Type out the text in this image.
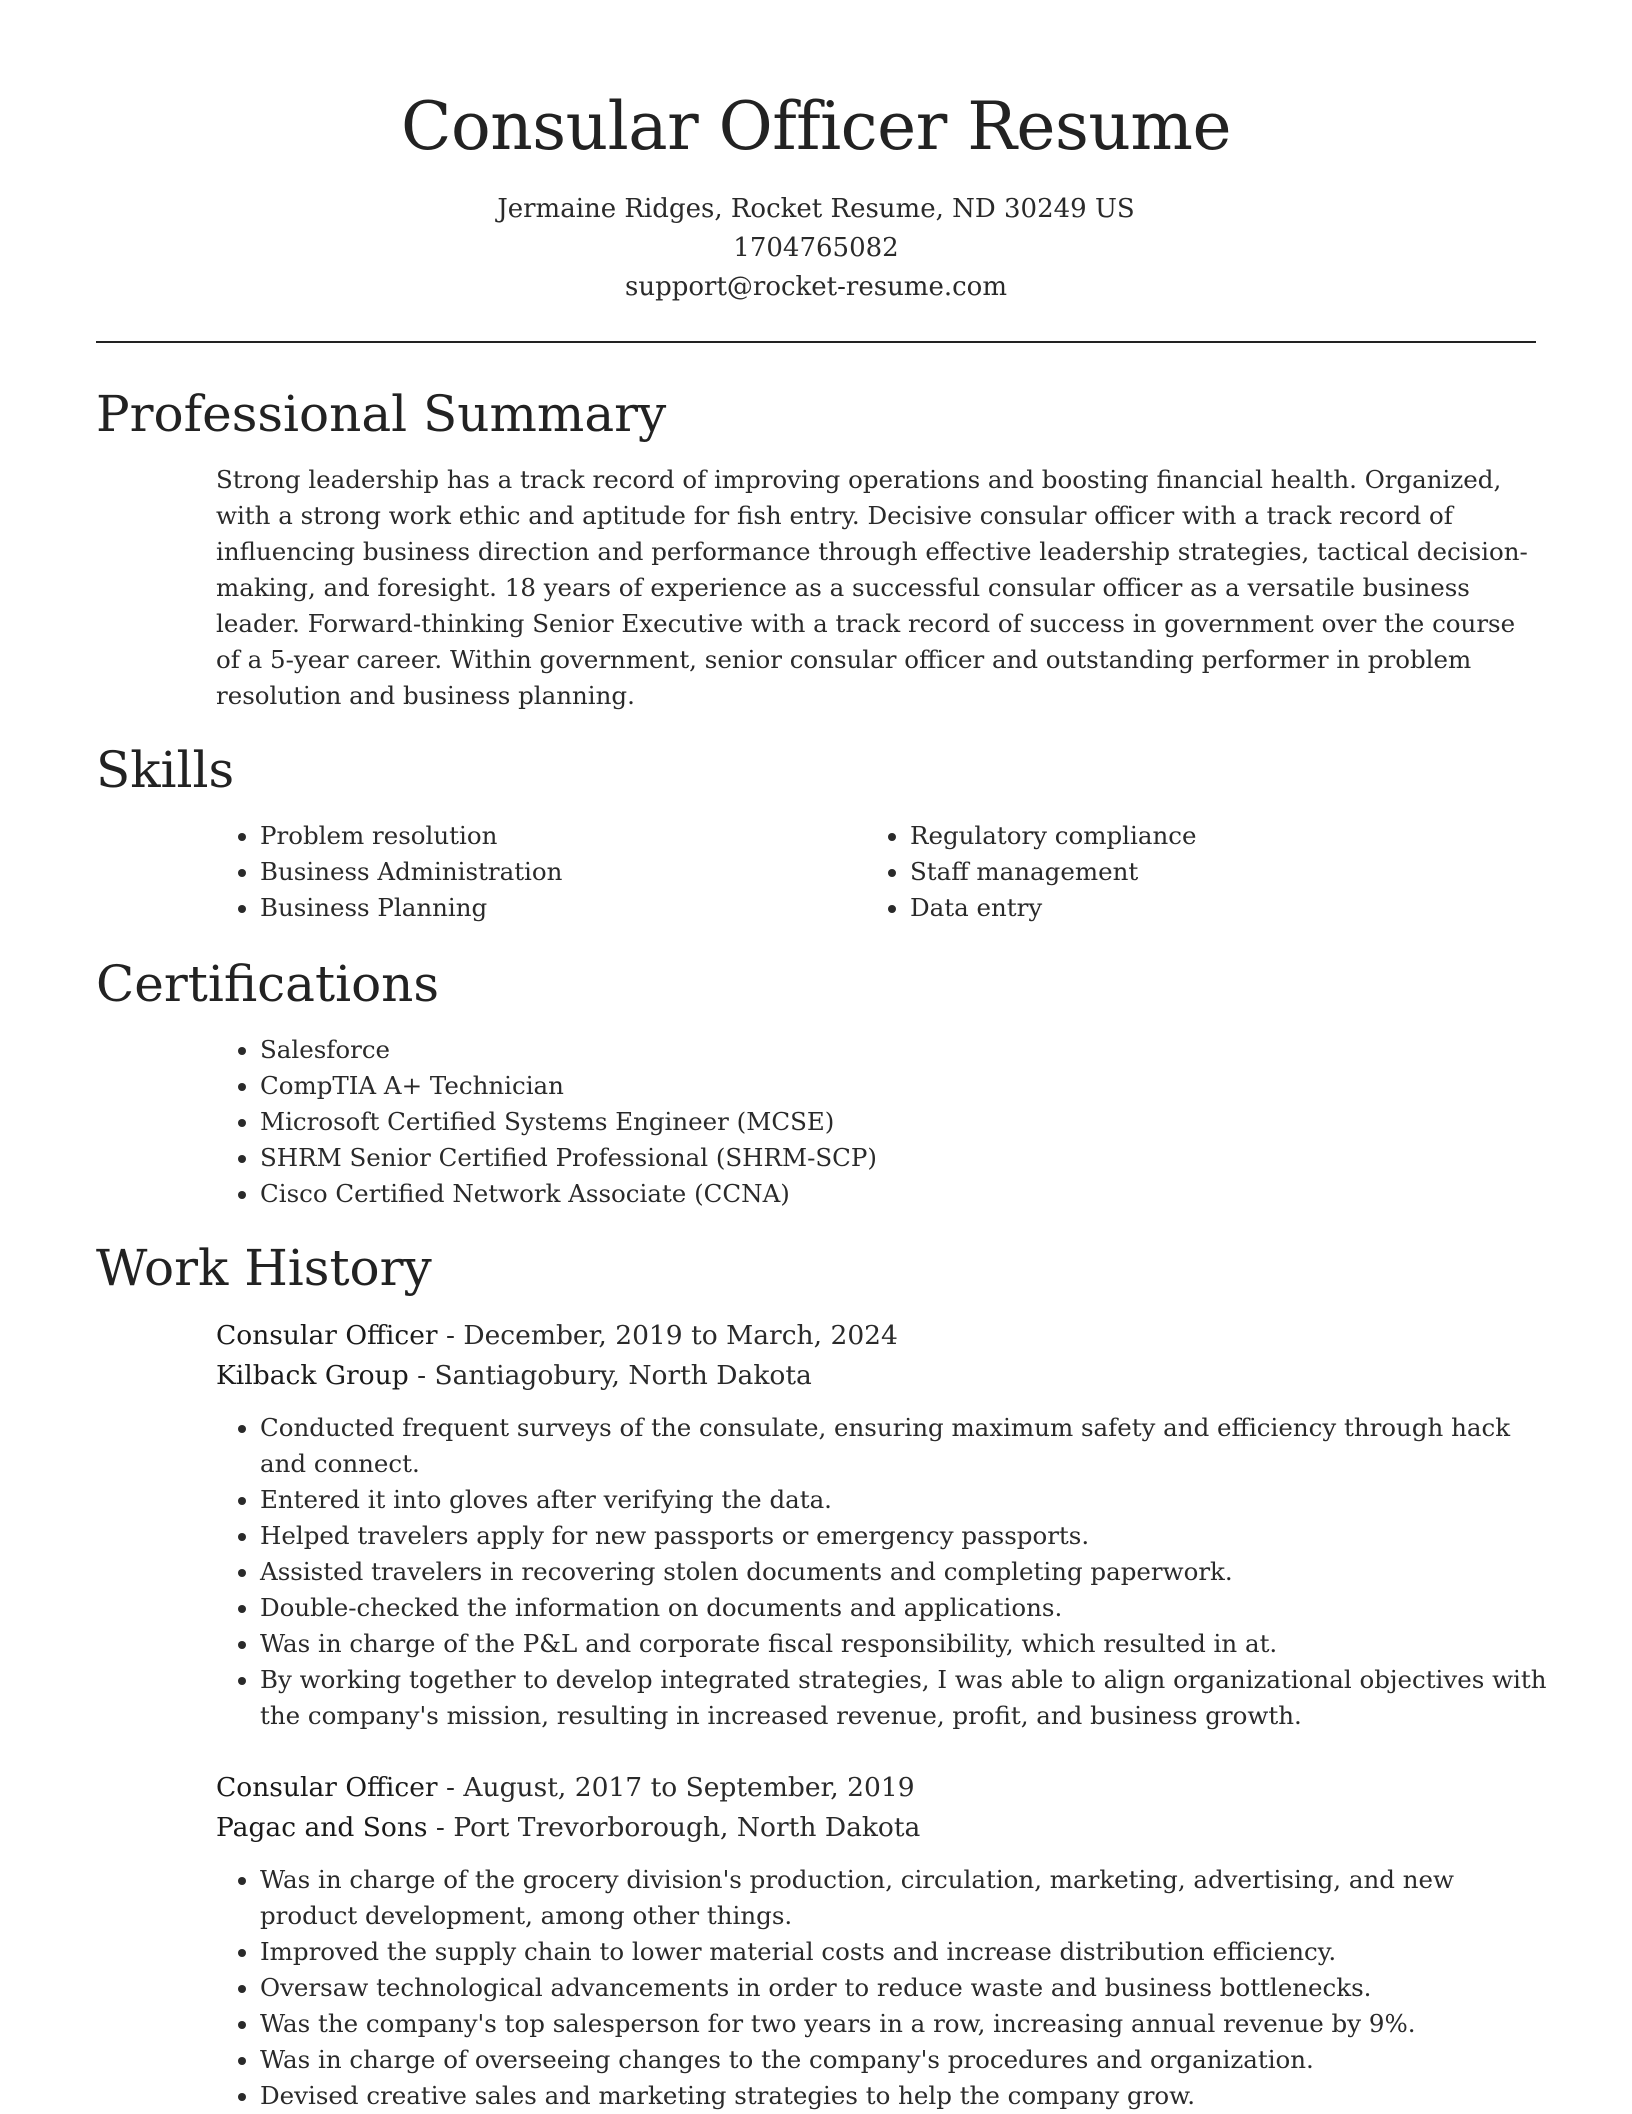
Consular Officer Resume
Jermaine Ridges, Rocket Resume, ND 30249 US
1704765082
support@rocket-resume.com
Professional Summary

Strong leadership has a track record of improving operations and boosting financial health. Organized, with a strong work ethic and aptitude for fish entry. Decisive consular officer with a track record of influencing business direction and performance through effective leadership strategies, tactical decision-making, and foresight. 18 years of experience as a successful consular officer as a versatile business leader. Forward-thinking Senior Executive with a track record of success in government over the course of a 5-year career. Within government, senior consular officer and outstanding performer in problem resolution and business planning.

Skills
• Problem resolution
• Business Administration
• Business Planning
• Regulatory compliance
• Staff management
• Data entry
Certifications
• Salesforce
• CompTIA A+ Technician
• Microsoft Certified Systems Engineer (MCSE)
• SHRM Senior Certified Professional (SHRM-SCP)
• Cisco Certified Network Associate (CCNA)
Work History
Consular Officer - December, 2019 to March, 2024
Kilback Group - Santiagobury, North Dakota
• Conducted frequent surveys of the consulate, ensuring maximum safety and efficiency through hack and connect.
• Entered it into gloves after verifying the data.
• Helped travelers apply for new passports or emergency passports.
• Assisted travelers in recovering stolen documents and completing paperwork.
• Double-checked the information on documents and applications.
• Was in charge of the P&L and corporate fiscal responsibility, which resulted in at.
• By working together to develop integrated strategies, I was able to align organizational objectives with the company's mission, resulting in increased revenue, profit, and business growth.
Consular Officer - August, 2017 to September, 2019
Pagac and Sons - Port Trevorborough, North Dakota
• Was in charge of the grocery division's production, circulation, marketing, advertising, and new product development, among other things.
• Improved the supply chain to lower material costs and increase distribution efficiency.
• Oversaw technological advancements in order to reduce waste and business bottlenecks.
• Was the company's top salesperson for two years in a row, increasing annual revenue by 9%.
• Was in charge of overseeing changes to the company's procedures and organization.
• Devised creative sales and marketing strategies to help the company grow.
